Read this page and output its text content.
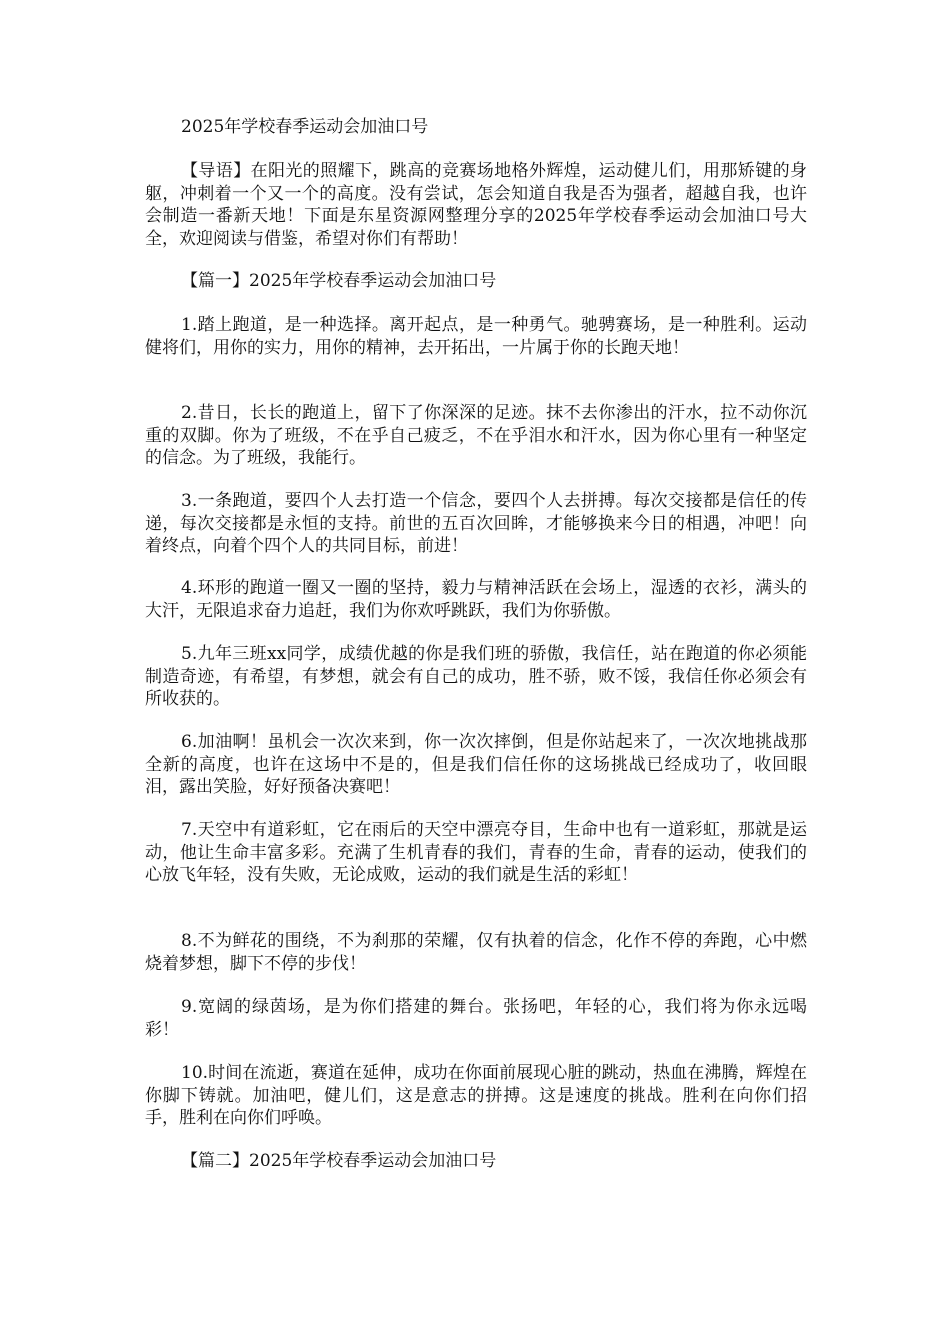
2025年学校春季运动会加油口号

【导语】在阳光的照耀下，跳高的竞赛场地格外辉煌，运动健儿们，用那矫键的身躯，冲刺着一个又一个的高度。没有尝试，怎会知道自我是否为强者，超越自我，也许会制造一番新天地！下面是东星资源网整理分享的2025年学校春季运动会加油口号大全，欢迎阅读与借鉴，希望对你们有帮助！

【篇一】2025年学校春季运动会加油口号

1.踏上跑道，是一种选择。离开起点，是一种勇气。驰骋赛场，是一种胜利。运动健将们，用你的实力，用你的精神，去开拓出，一片属于你的长跑天地！

2.昔日，长长的跑道上，留下了你深深的足迹。抹不去你渗出的汗水，拉不动你沉重的双脚。你为了班级，不在乎自己疲乏，不在乎泪水和汗水，因为你心里有一种坚定的信念。为了班级，我能行。

3.一条跑道，要四个人去打造一个信念，要四个人去拼搏。每次交接都是信任的传递，每次交接都是永恒的支持。前世的五百次回眸，才能够换来今日的相遇，冲吧！向着终点，向着个四个人的共同目标，前进！

4.环形的跑道一圈又一圈的坚持，毅力与精神活跃在会场上，湿透的衣衫，满头的大汗，无限追求奋力追赶，我们为你欢呼跳跃，我们为你骄傲。

5.九年三班xx同学，成绩优越的你是我们班的骄傲，我信任，站在跑道的你必须能制造奇迹，有希望，有梦想，就会有自己的成功，胜不骄，败不馁，我信任你必须会有所收获的。

6.加油啊！虽机会一次次来到，你一次次摔倒，但是你站起来了，一次次地挑战那全新的高度，也许在这场中不是的，但是我们信任你的这场挑战已经成功了，收回眼泪，露出笑脸，好好预备决赛吧！

7.天空中有道彩虹，它在雨后的天空中漂亮夺目，生命中也有一道彩虹，那就是运动，他让生命丰富多彩。充满了生机青春的我们，青春的生命，青春的运动，使我们的心放飞年轻，没有失败，无论成败，运动的我们就是生活的彩虹！

8.不为鲜花的围绕，不为刹那的荣耀，仅有执着的信念，化作不停的奔跑，心中燃烧着梦想，脚下不停的步伐！

9.宽阔的绿茵场，是为你们搭建的舞台。张扬吧，年轻的心，我们将为你永远喝彩！

10.时间在流逝，赛道在延伸，成功在你面前展现心脏的跳动，热血在沸腾，辉煌在你脚下铸就。加油吧，健儿们，这是意志的拼搏。这是速度的挑战。胜利在向你们招手，胜利在向你们呼唤。

【篇二】2025年学校春季运动会加油口号
